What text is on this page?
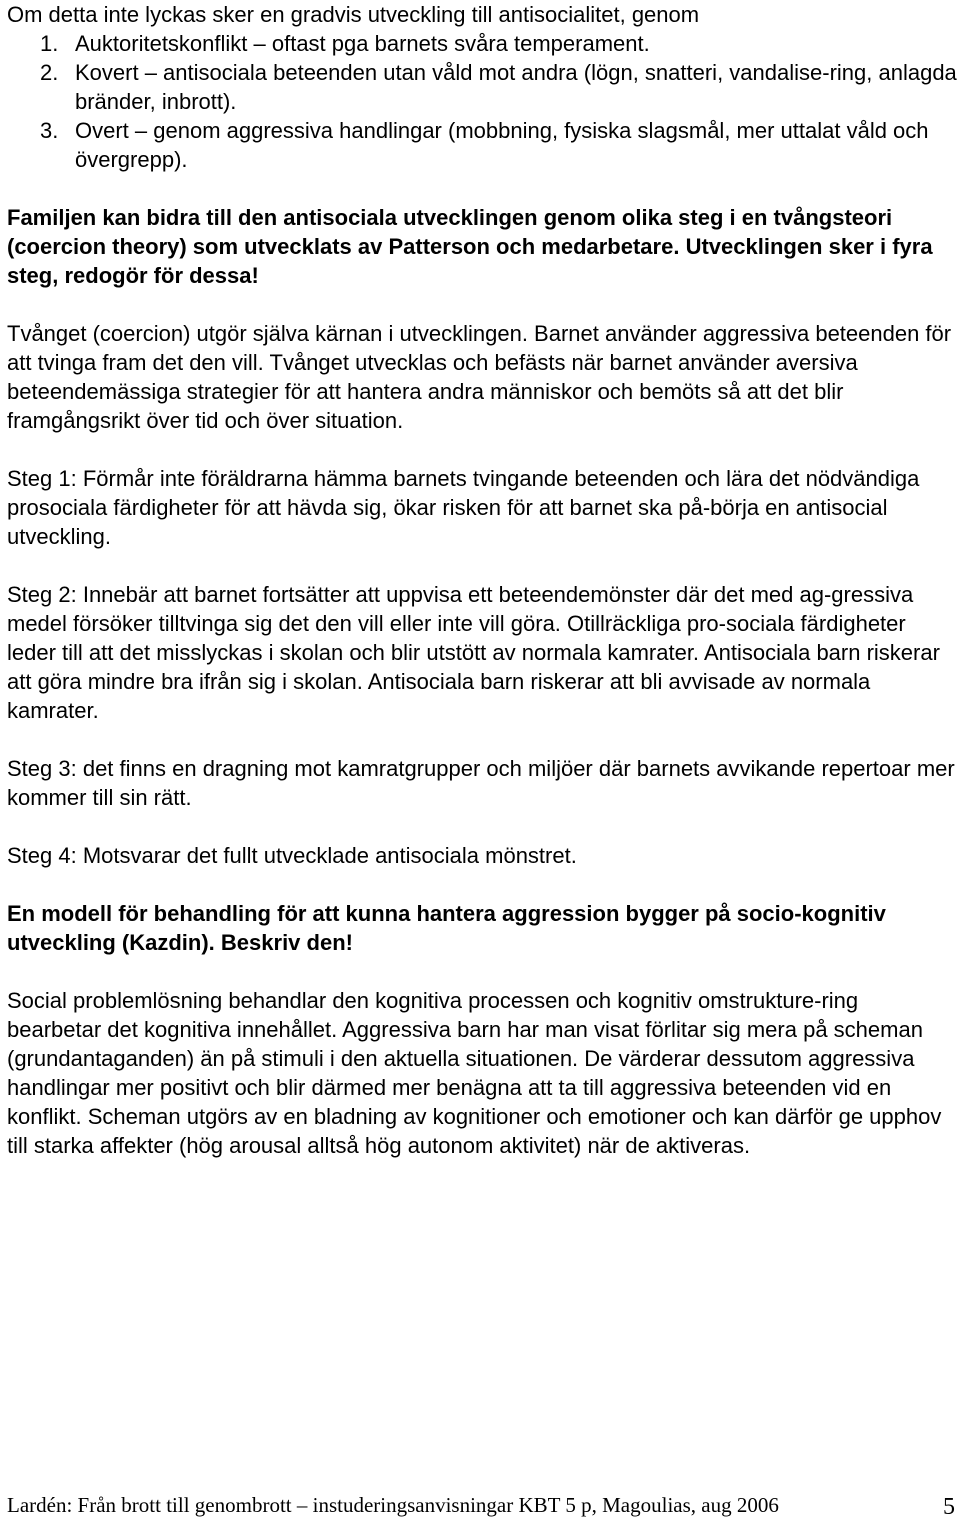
Om detta inte lyckas sker en gradvis utveckling till antisocialitet, genom

1. Auktoritetskonflikt – oftast pga barnets svåra temperament.
2. Kovert – antisociala beteenden utan våld mot andra (lögn, snatteri, vandalise-ring, anlagda bränder, inbrott).
3. Overt – genom aggressiva handlingar (mobbning, fysiska slagsmål, mer uttalat våld och övergrepp).

Familjen kan bidra till den antisociala utvecklingen genom olika steg i en tvångsteori (coercion theory) som utvecklats av Patterson och medarbetare. Utvecklingen sker i fyra steg, redogör för dessa!

Tvånget (coercion) utgör själva kärnan i utvecklingen. Barnet använder aggressiva beteenden för att tvinga fram det den vill. Tvånget utvecklas och befästs när barnet använder aversiva beteendemässiga strategier för att hantera andra människor och bemöts så att det blir framgångsrikt över tid och över situation.

Steg 1: Förmår inte föräldrarna hämma barnets tvingande beteenden och lära det nödvändiga prosociala färdigheter för att hävda sig, ökar risken för att barnet ska på-börja en antisocial utveckling.

Steg 2: Innebär att barnet fortsätter att uppvisa ett beteendemönster där det med ag-gressiva medel försöker tilltvinga sig det den vill eller inte vill göra. Otillräckliga pro-sociala färdigheter leder till att det misslyckas i skolan och blir utstött av normala kamrater. Antisociala barn riskerar att göra mindre bra ifrån sig i skolan. Antisociala barn riskerar att bli avvisade av normala kamrater.

Steg 3: det finns en dragning mot kamratgrupper och miljöer där barnets avvikande repertoar mer kommer till sin rätt.

Steg 4: Motsvarar det fullt utvecklade antisociala mönstret.

En modell för behandling för att kunna hantera aggression bygger på socio-kognitiv utveckling (Kazdin). Beskriv den!

Social problemlösning behandlar den kognitiva processen och kognitiv omstrukture-ring bearbetar det kognitiva innehållet. Aggressiva barn har man visat förlitar sig mera på scheman (grundantaganden) än på stimuli i den aktuella situationen. De värderar dessutom aggressiva handlingar mer positivt och blir därmed mer benägna att ta till aggressiva beteenden vid en konflikt. Scheman utgörs av en bladning av kognitioner och emotioner och kan därför ge upphov till starka affekter (hög arousal alltså hög autonom aktivitet) när de aktiveras.

Lardén: Från brott till genombrott – instuderingsanvisningar KBT 5 p, Magoulias, aug 2006	5
